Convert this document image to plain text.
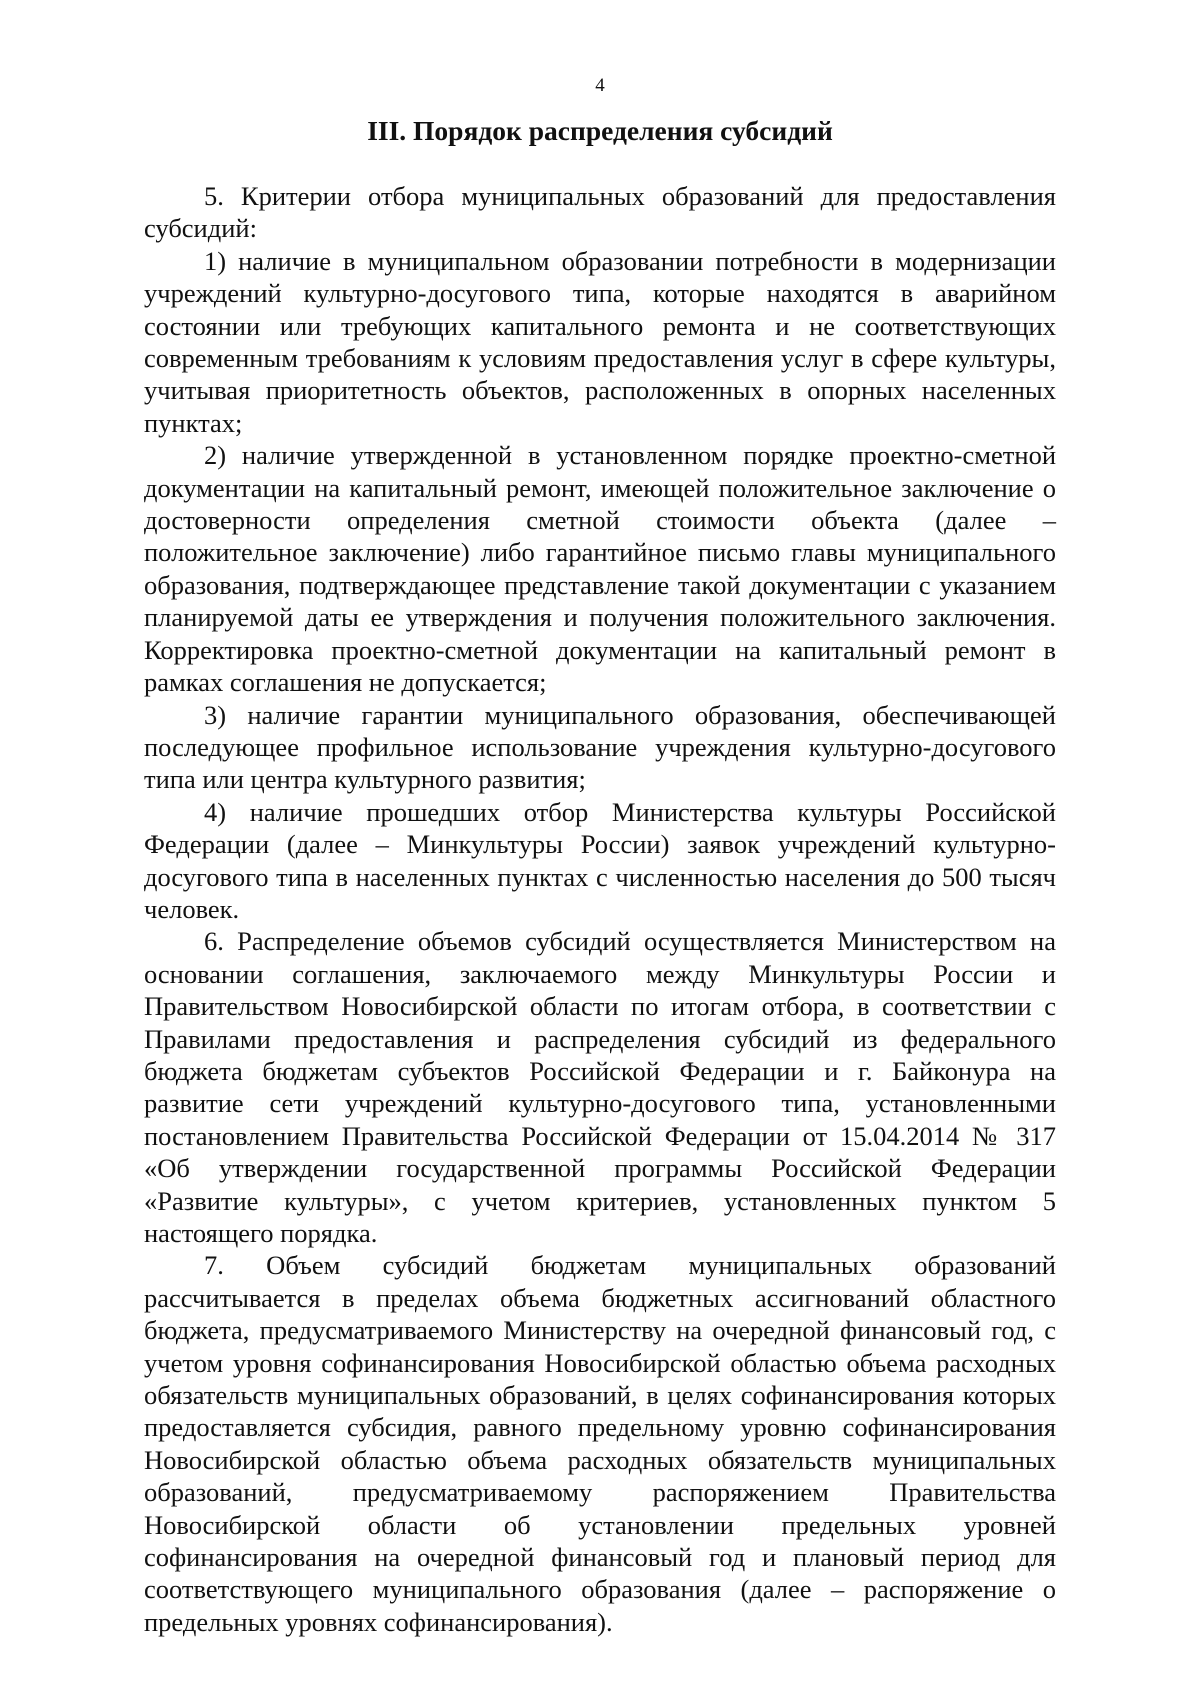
4
III. Порядок распределения субсидий

5. Критерии отбора муниципальных образований для предоставления субсидий:

1) наличие в муниципальном образовании потребности в модернизации учреждений культурно-досугового типа, которые находятся в аварийном состоянии или требующих капитального ремонта и не соответствующих современным требованиям к условиям предоставления услуг в сфере культуры, учитывая приоритетность объектов, расположенных в опорных населенных пунктах;

2) наличие утвержденной в установленном порядке проектно-сметной документации на капитальный ремонт, имеющей положительное заключение о достоверности определения сметной стоимости объекта (далее – положительное заключение) либо гарантийное письмо главы муниципального образования, подтверждающее представление такой документации с указанием планируемой даты ее утверждения и получения положительного заключения. Корректировка проектно-сметной документации на капитальный ремонт в рамках соглашения не допускается;

3) наличие гарантии муниципального образования, обеспечивающей последующее профильное использование учреждения культурно-досугового типа или центра культурного развития;

4) наличие прошедших отбор Министерства культуры Российской Федерации (далее – Минкультуры России) заявок учреждений культурно-досугового типа в населенных пунктах с численностью населения до 500 тысяч человек.

6. Распределение объемов субсидий осуществляется Министерством на основании соглашения, заключаемого между Минкультуры России и Правительством Новосибирской области по итогам отбора, в соответствии с Правилами предоставления и распределения субсидий из федерального бюджета бюджетам субъектов Российской Федерации и г. Байконура на развитие сети учреждений культурно-досугового типа, установленными постановлением Правительства Российской Федерации от 15.04.2014 № 317 «Об утверждении государственной программы Российской Федерации «Развитие культуры», с учетом критериев, установленных пунктом 5 настоящего порядка.

7. Объем субсидий бюджетам муниципальных образований рассчитывается в пределах объема бюджетных ассигнований областного бюджета, предусматриваемого Министерству на очередной финансовый год, с учетом уровня софинансирования Новосибирской областью объема расходных обязательств муниципальных образований, в целях софинансирования которых предоставляется субсидия, равного предельному уровню софинансирования Новосибирской областью объема расходных обязательств муниципальных образований, предусматриваемому распоряжением Правительства Новосибирской области об установлении предельных уровней софинансирования на очередной финансовый год и плановый период для соответствующего муниципального образования (далее – распоряжение о предельных уровнях софинансирования).
